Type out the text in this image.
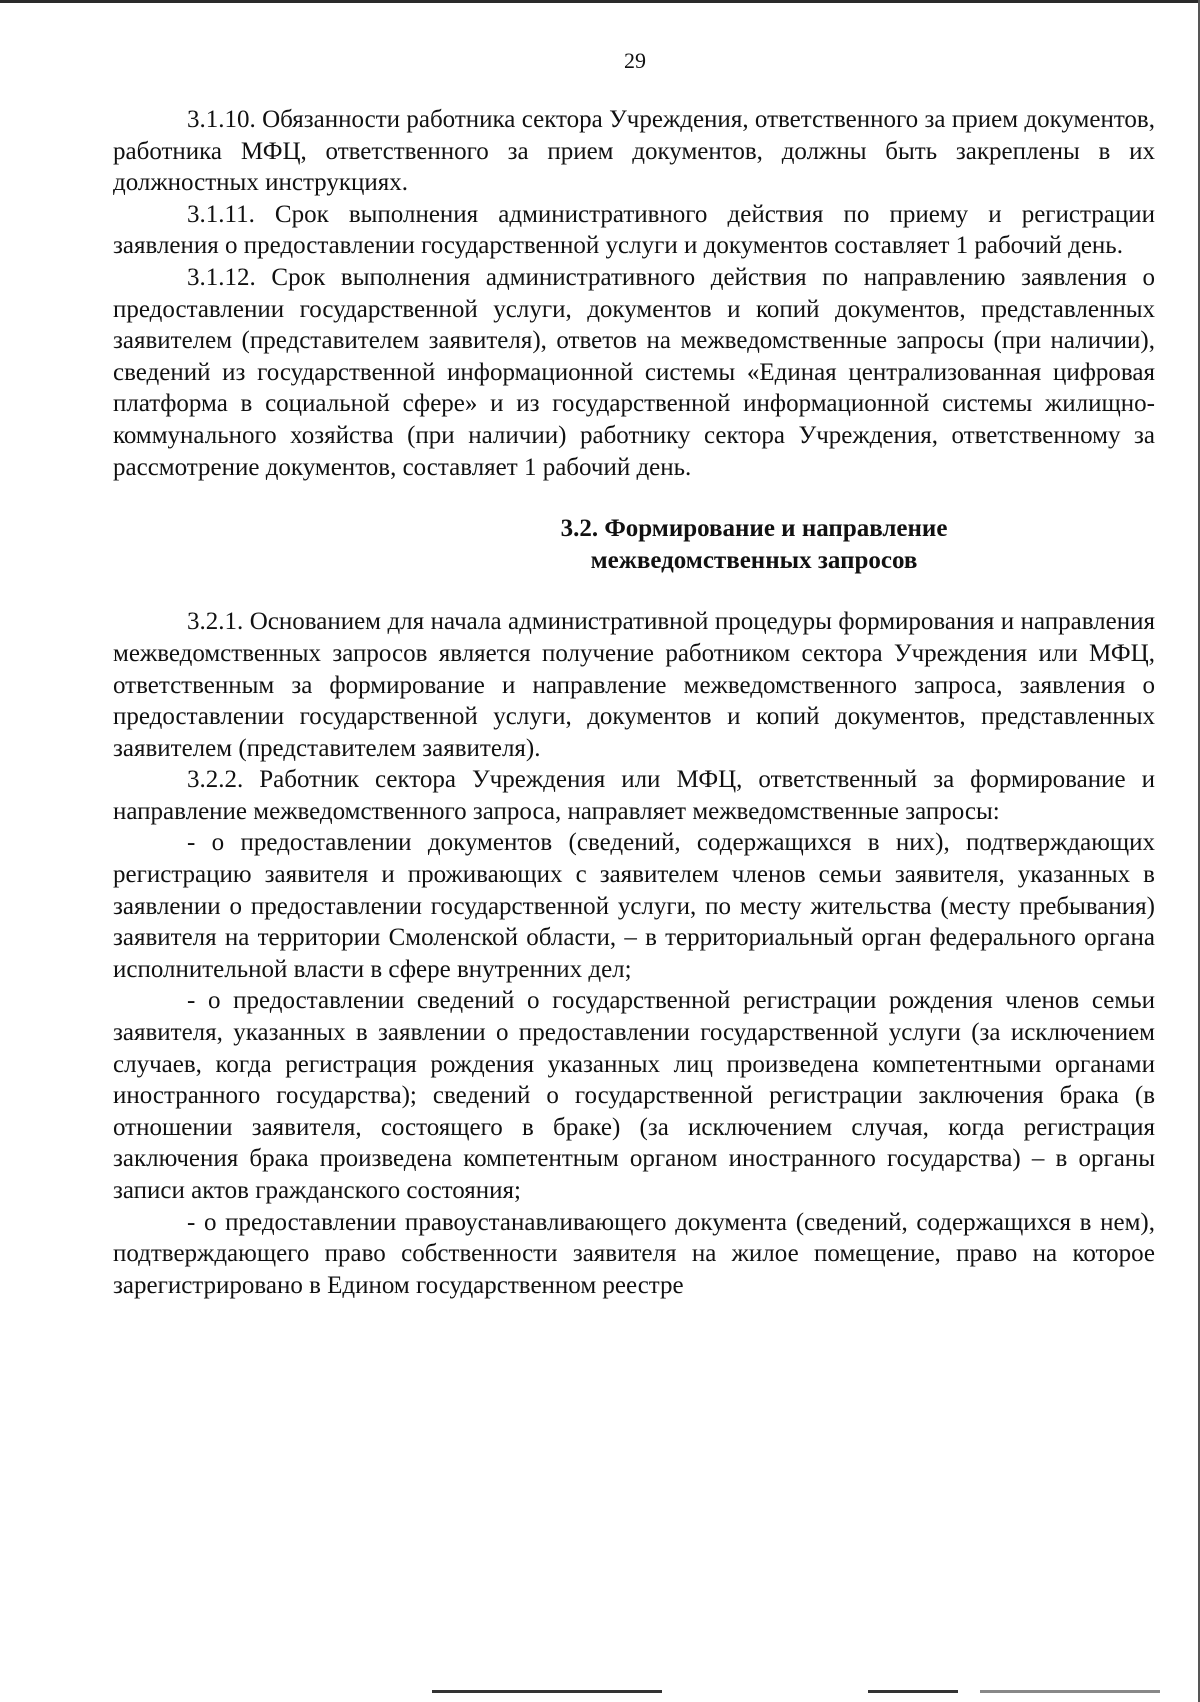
29

3.1.10. Обязанности работника сектора Учреждения, ответственного за прием документов, работника МФЦ, ответственного за прием документов, должны быть закреплены в их должностных инструкциях.

3.1.11. Срок выполнения административного действия по приему и регистрации заявления о предоставлении государственной услуги и документов составляет 1 рабочий день.

3.1.12. Срок выполнения административного действия по направлению заявления о предоставлении государственной услуги, документов и копий документов, представленных заявителем (представителем заявителя), ответов на межведомственные запросы (при наличии), сведений из государственной информационной системы «Единая централизованная цифровая платформа в социальной сфере» и из государственной информационной системы жилищно-коммунального хозяйства (при наличии) работнику сектора Учреждения, ответственному за рассмотрение документов, составляет 1 рабочий день.

3.2. Формирование и направление
межведомственных запросов

3.2.1. Основанием для начала административной процедуры формирования и направления межведомственных запросов является получение работником сектора Учреждения или МФЦ, ответственным за формирование и направление межведомственного запроса, заявления о предоставлении государственной услуги, документов и копий документов, представленных заявителем (представителем заявителя).

3.2.2. Работник сектора Учреждения или МФЦ, ответственный за формирование и направление межведомственного запроса, направляет межведомственные запросы:

- о предоставлении документов (сведений, содержащихся в них), подтверждающих регистрацию заявителя и проживающих с заявителем членов семьи заявителя, указанных в заявлении о предоставлении государственной услуги, по месту жительства (месту пребывания) заявителя на территории Смоленской области, – в территориальный орган федерального органа исполнительной власти в сфере внутренних дел;

- о предоставлении сведений о государственной регистрации рождения членов семьи заявителя, указанных в заявлении о предоставлении государственной услуги (за исключением случаев, когда регистрация рождения указанных лиц произведена компетентными органами иностранного государства); сведений о государственной регистрации заключения брака (в отношении заявителя, состоящего в браке) (за исключением случая, когда регистрация заключения брака произведена компетентным органом иностранного государства) – в органы записи актов гражданского состояния;

- о предоставлении правоустанавливающего документа (сведений, содержащихся в нем), подтверждающего право собственности заявителя на жилое помещение, право на которое зарегистрировано в Едином государственном реестре
